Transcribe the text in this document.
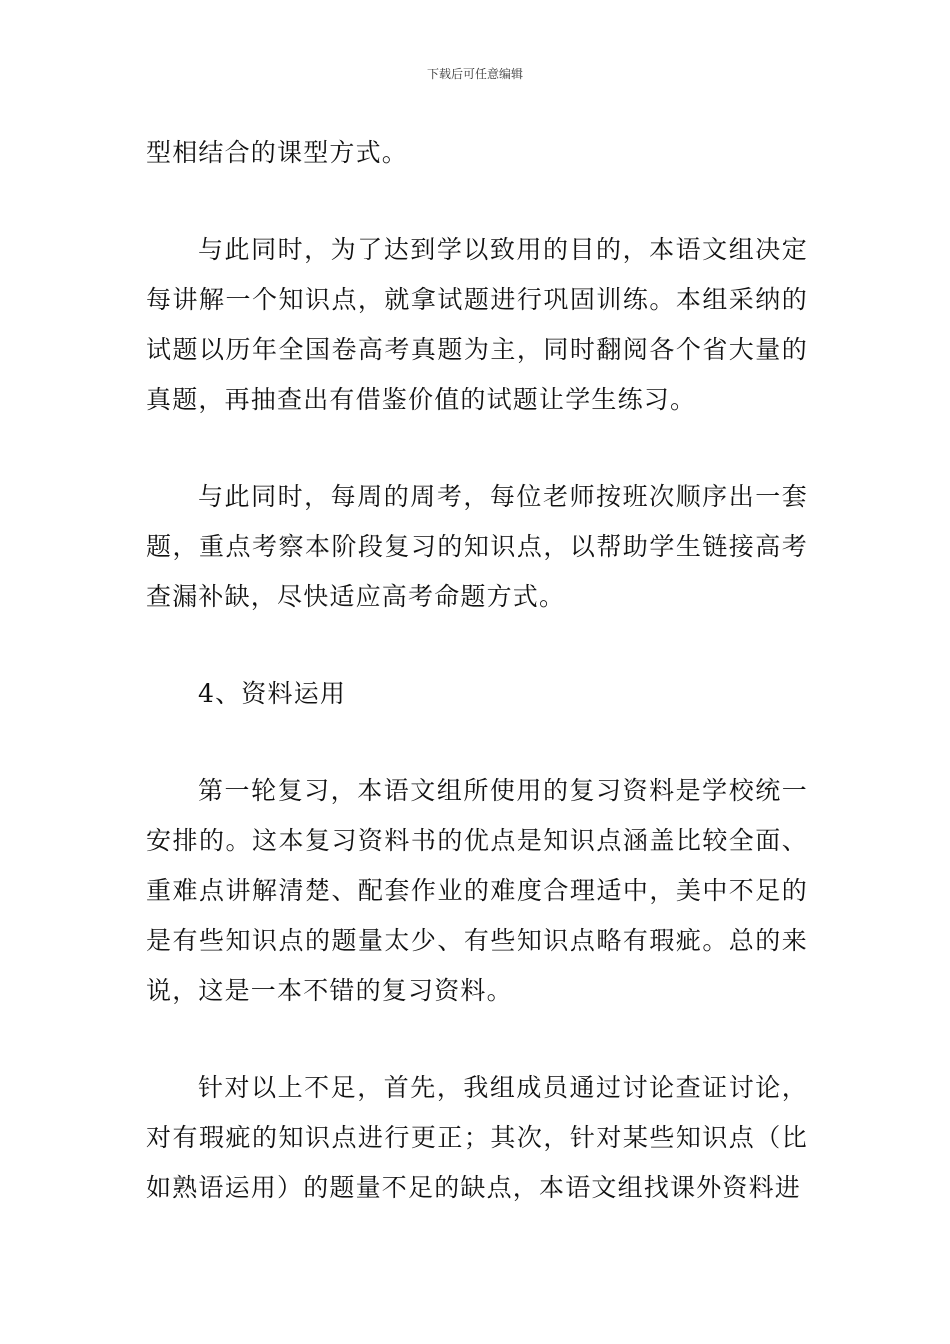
下载后可任意编辑

型相结合的课型方式。

与此同时，为了达到学以致用的目的，本语文组决定每讲解一个知识点，就拿试题进行巩固训练。本组采纳的试题以历年全国卷高考真题为主，同时翻阅各个省大量的真题，再抽查出有借鉴价值的试题让学生练习。

与此同时，每周的周考，每位老师按班次顺序出一套题，重点考察本阶段复习的知识点，以帮助学生链接高考查漏补缺，尽快适应高考命题方式。

4、资料运用

第一轮复习，本语文组所使用的复习资料是学校统一安排的。这本复习资料书的优点是知识点涵盖比较全面、重难点讲解清楚、配套作业的难度合理适中，美中不足的是有些知识点的题量太少、有些知识点略有瑕疵。总的来说，这是一本不错的复习资料。

针对以上不足，首先，我组成员通过讨论查证讨论，对有瑕疵的知识点进行更正；其次，针对某些知识点（比如熟语运用）的题量不足的缺点，本语文组找课外资料进
